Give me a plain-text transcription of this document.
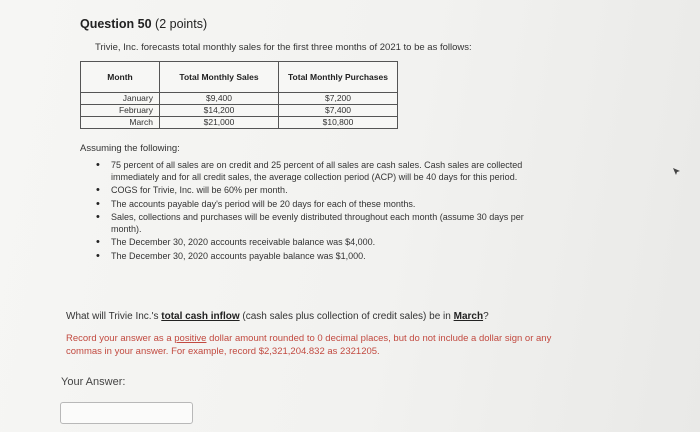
Question 50 (2 points)
Trivie, Inc. forecasts total monthly sales for the first three months of 2021 to be as follows:
Month	Total Monthly Sales	Total Monthly Purchases
January	$9,400	$7,200
February	$14,200	$7,400
March	$21,000	$10,800
Assuming the following:
• 75 percent of all sales are on credit and 25 percent of all sales are cash sales. Cash sales are collected immediately and for all credit sales, the average collection period (ACP) will be 40 days for this period.
• COGS for Trivie, Inc. will be 60% per month.
• The accounts payable day's period will be 20 days for each of these months.
• Sales, collections and purchases will be evenly distributed throughout each month (assume 30 days per month).
• The December 30, 2020 accounts receivable balance was $4,000.
• The December 30, 2020 accounts payable balance was $1,000.
What will Trivie Inc.'s total cash inflow (cash sales plus collection of credit sales) be in March?
Record your answer as a positive dollar amount rounded to 0 decimal places, but do not include a dollar sign or any commas in your answer. For example, record $2,321,204.832 as 2321205.
Your Answer:
